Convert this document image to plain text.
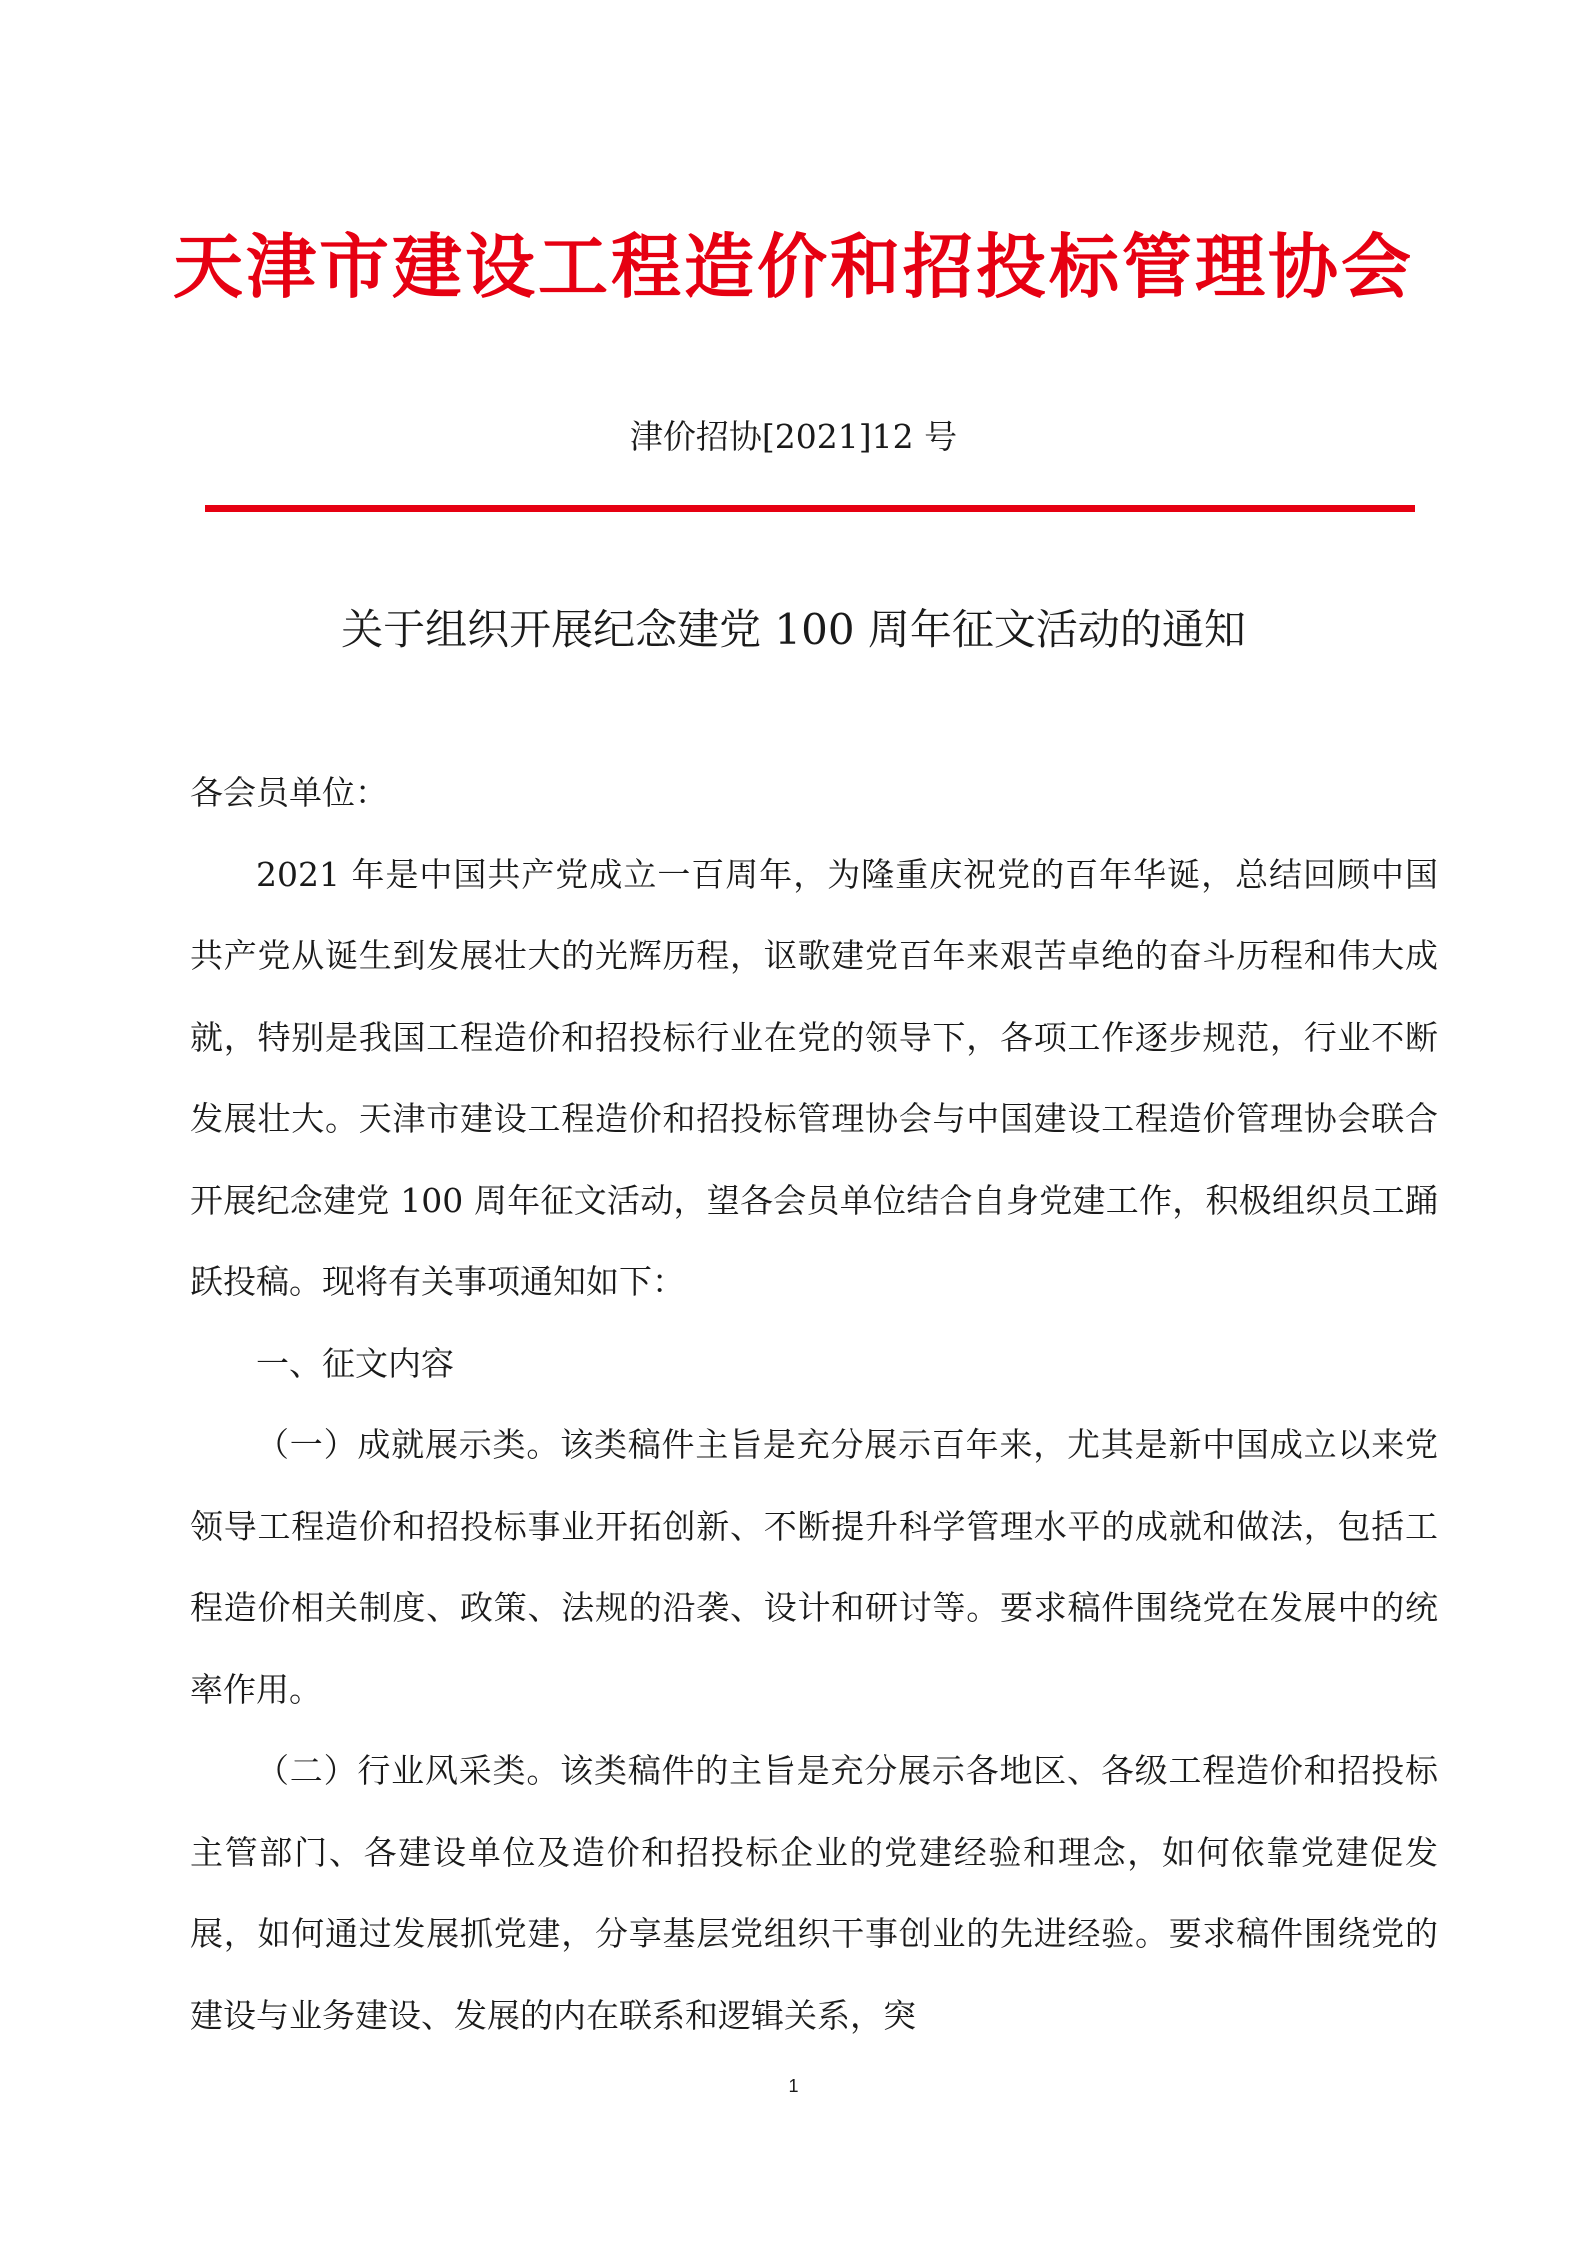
天津市建设工程造价和招投标管理协会
津价招协[2021]12 号
关于组织开展纪念建党 100 周年征文活动的通知

各会员单位：

2021 年是中国共产党成立一百周年，为隆重庆祝党的百年华诞，总结回顾中国共产党从诞生到发展壮大的光辉历程，讴歌建党百年来艰苦卓绝的奋斗历程和伟大成就，特别是我国工程造价和招投标行业在党的领导下，各项工作逐步规范，行业不断发展壮大。天津市建设工程造价和招投标管理协会与中国建设工程造价管理协会联合开展纪念建党 100 周年征文活动，望各会员单位结合自身党建工作，积极组织员工踊跃投稿。现将有关事项通知如下：

一、征文内容

（一）成就展示类。该类稿件主旨是充分展示百年来，尤其是新中国成立以来党领导工程造价和招投标事业开拓创新、不断提升科学管理水平的成就和做法，包括工程造价相关制度、政策、法规的沿袭、设计和研讨等。要求稿件围绕党在发展中的统率作用。

（二）行业风采类。该类稿件的主旨是充分展示各地区、各级工程造价和招投标主管部门、各建设单位及造价和招投标企业的党建经验和理念，如何依靠党建促发展，如何通过发展抓党建，分享基层党组织干事创业的先进经验。要求稿件围绕党的建设与业务建设、发展的内在联系和逻辑关系，突

1
